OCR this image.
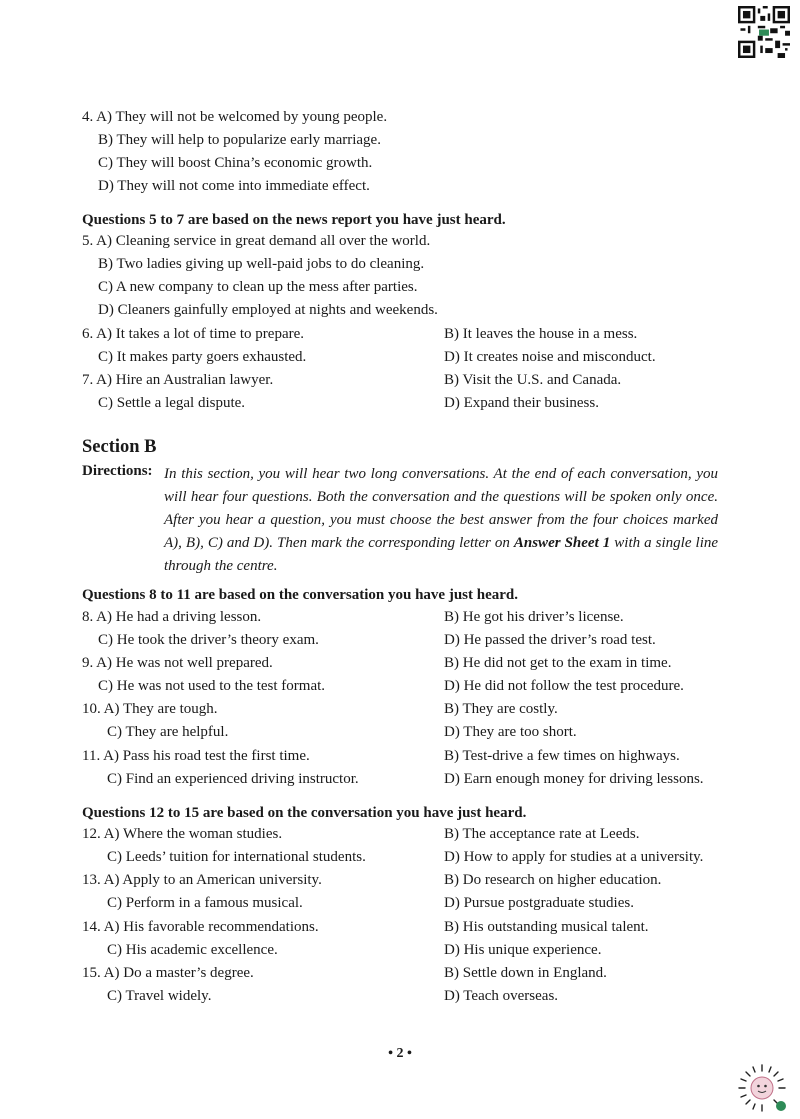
4. A) They will not be welcomed by young people.
B) They will help to popularize early marriage.
C) They will boost China’s economic growth.
D) They will not come into immediate effect.
Questions 5 to 7 are based on the news report you have just heard.
5. A) Cleaning service in great demand all over the world.
B) Two ladies giving up well-paid jobs to do cleaning.
C) A new company to clean up the mess after parties.
D) Cleaners gainfully employed at nights and weekends.
6. A) It takes a lot of time to prepare.	B) It leaves the house in a mess.
C) It makes party goers exhausted.	D) It creates noise and misconduct.
7. A) Hire an Australian lawyer.	B) Visit the U.S. and Canada.
C) Settle a legal dispute.	D) Expand their business.
Section B
Directions: In this section, you will hear two long conversations. At the end of each conversation, you will hear four questions. Both the conversation and the questions will be spoken only once. After you hear a question, you must choose the best answer from the four choices marked A), B), C) and D). Then mark the corresponding letter on Answer Sheet 1 with a single line through the centre.
Questions 8 to 11 are based on the conversation you have just heard.
8. A) He had a driving lesson.	B) He got his driver’s license.
C) He took the driver’s theory exam.	D) He passed the driver’s road test.
9. A) He was not well prepared.	B) He did not get to the exam in time.
C) He was not used to the test format.	D) He did not follow the test procedure.
10. A) They are tough.	B) They are costly.
C) They are helpful.	D) They are too short.
11. A) Pass his road test the first time.	B) Test-drive a few times on highways.
C) Find an experienced driving instructor.	D) Earn enough money for driving lessons.
Questions 12 to 15 are based on the conversation you have just heard.
12. A) Where the woman studies.	B) The acceptance rate at Leeds.
C) Leeds’ tuition for international students.	D) How to apply for studies at a university.
13. A) Apply to an American university.	B) Do research on higher education.
C) Perform in a famous musical.	D) Pursue postgraduate studies.
14. A) His favorable recommendations.	B) His outstanding musical talent.
C) His academic excellence.	D) His unique experience.
15. A) Do a master’s degree.	B) Settle down in England.
C) Travel widely.	D) Teach overseas.
• 2 •
